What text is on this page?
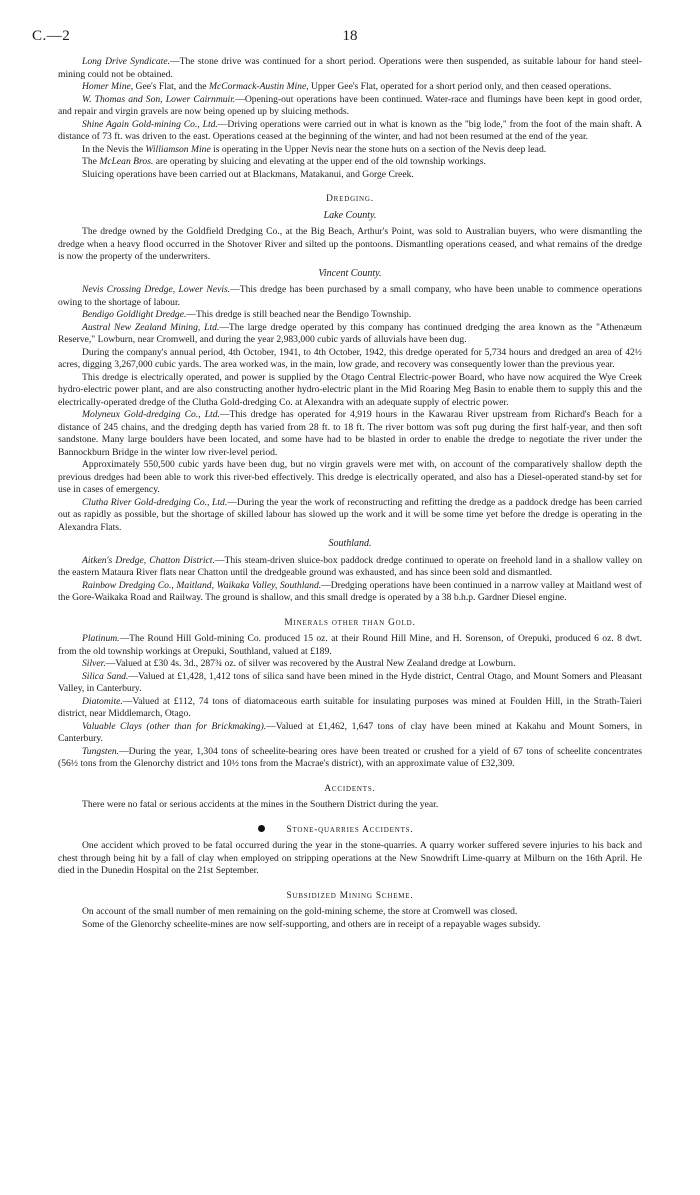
C.—2	18

Long Drive Syndicate.—The stone drive was continued for a short period. Operations were then suspended, as suitable labour for hand steel-mining could not be obtained.

Homer Mine, Gee's Flat, and the McCormack-Austin Mine, Upper Gee's Flat, operated for a short period only, and then ceased operations.

W. Thomas and Son, Lower Cairnmuir.—Opening-out operations have been continued. Water-race and flumings have been kept in good order, and repair and virgin gravels are now being opened up by sluicing methods.

Shine Again Gold-mining Co., Ltd.—Driving operations were carried out in what is known as the "big lode," from the foot of the main shaft. A distance of 73 ft. was driven to the east. Operations ceased at the beginning of the winter, and had not been resumed at the end of the year.

In the Nevis the Williamson Mine is operating in the Upper Nevis near the stone huts on a section of the Nevis deep lead.

The McLean Bros. are operating by sluicing and elevating at the upper end of the old township workings.

Sluicing operations have been carried out at Blackmans, Matakanui, and Gorge Creek.

Dredging.
Lake County.

The dredge owned by the Goldfield Dredging Co., at the Big Beach, Arthur's Point, was sold to Australian buyers, who were dismantling the dredge when a heavy flood occurred in the Shotover River and silted up the pontoons. Dismantling operations ceased, and what remains of the dredge is now the property of the underwriters.

Vincent County.

Nevis Crossing Dredge, Lower Nevis.—This dredge has been purchased by a small company, who have been unable to commence operations owing to the shortage of labour.

Bendigo Goldlight Dredge.—This dredge is still beached near the Bendigo Township.

Austral New Zealand Mining, Ltd.—The large dredge operated by this company has continued dredging the area known as the "Athenæum Reserve," Lowburn, near Cromwell, and during the year 2,983,000 cubic yards of alluvials have been dug.

During the company's annual period, 4th October, 1941, to 4th October, 1942, this dredge operated for 5,734 hours and dredged an area of 42½ acres, digging 3,267,000 cubic yards. The area worked was, in the main, low grade, and recovery was consequently lower than the previous year.

This dredge is electrically operated, and power is supplied by the Otago Central Electric-power Board, who have now acquired the Wye Creek hydro-electric power plant, and are also constructing another hydro-electric plant in the Mid Roaring Meg Basin to enable them to supply this and the electrically-operated dredge of the Clutha Gold-dredging Co. at Alexandra with an adequate supply of electric power.

Molyneux Gold-dredging Co., Ltd.—This dredge has operated for 4,919 hours in the Kawarau River upstream from Richard's Beach for a distance of 245 chains, and the dredging depth has varied from 28 ft. to 18 ft. The river bottom was soft pug during the first half-year, and then soft sandstone. Many large boulders have been located, and some have had to be blasted in order to enable the dredge to negotiate the river under the Bannockburn Bridge in the winter low river-level period.

Approximately 550,500 cubic yards have been dug, but no virgin gravels were met with, on account of the comparatively shallow depth the previous dredges had been able to work this river-bed effectively. This dredge is electrically operated, and also has a Diesel-operated stand-by set for use in cases of emergency.

Clutha River Gold-dredging Co., Ltd.—During the year the work of reconstructing and refitting the dredge as a paddock dredge has been carried out as rapidly as possible, but the shortage of skilled labour has slowed up the work and it will be some time yet before the dredge is operating in the Alexandra Flats.

Southland.

Aitken's Dredge, Chatton District.—This steam-driven sluice-box paddock dredge continued to operate on freehold land in a shallow valley on the eastern Mataura River flats near Chatton until the dredgeable ground was exhausted, and has since been sold and dismantled.

Rainbow Dredging Co., Maitland, Waikaka Valley, Southland.—Dredging operations have been continued in a narrow valley at Maitland west of the Gore-Waikaka Road and Railway. The ground is shallow, and this small dredge is operated by a 38 b.h.p. Gardner Diesel engine.

Minerals other than Gold.

Platinum.—The Round Hill Gold-mining Co. produced 15 oz. at their Round Hill Mine, and H. Sorenson, of Orepuki, produced 6 oz. 8 dwt. from the old township workings at Orepuki, Southland, valued at £189.

Silver.—Valued at £30 4s. 3d., 287¾ oz. of silver was recovered by the Austral New Zealand dredge at Lowburn.

Silica Sand.—Valued at £1,428, 1,412 tons of silica sand have been mined in the Hyde district, Central Otago, and Mount Somers and Pleasant Valley, in Canterbury.

Diatomite.—Valued at £112, 74 tons of diatomaceous earth suitable for insulating purposes was mined at Foulden Hill, in the Strath-Taieri district, near Middlemarch, Otago.

Valuable Clays (other than for Brickmaking).—Valued at £1,462, 1,647 tons of clay have been mined at Kakahu and Mount Somers, in Canterbury.

Tungsten.—During the year, 1,304 tons of scheelite-bearing ores have been treated or crushed for a yield of 67 tons of scheelite concentrates (56½ tons from the Glenorchy district and 10½ tons from the Macrae's district), with an approximate value of £32,309.

Accidents.

There were no fatal or serious accidents at the mines in the Southern District during the year.

Stone-quarries Accidents.

One accident which proved to be fatal occurred during the year in the stone-quarries. A quarry worker suffered severe injuries to his back and chest through being hit by a fall of clay when employed on stripping operations at the New Snowdrift Lime-quarry at Milburn on the 16th April. He died in the Dunedin Hospital on the 21st September.

Subsidized Mining Scheme.

On account of the small number of men remaining on the gold-mining scheme, the store at Cromwell was closed.

Some of the Glenorchy scheelite-mines are now self-supporting, and others are in receipt of a repayable wages subsidy.
